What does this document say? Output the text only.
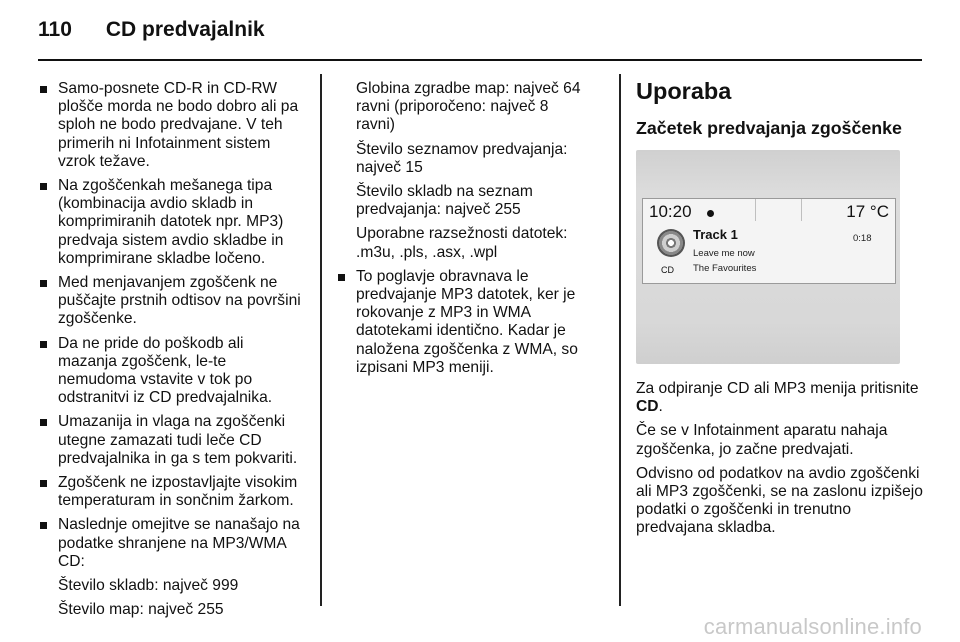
110 CD predvajalnik
Samo-posnete CD-R in CD-RW plošče morda ne bodo dobro ali pa sploh ne bodo predvajane. V teh primerih ni Infotainment sistem vzrok težave.
Na zgoščenkah mešanega tipa (kombinacija avdio skladb in komprimiranih datotek npr. MP3) predvaja sistem avdio skladbe in komprimirane skladbe ločeno.
Med menjavanjem zgoščenk ne puščajte prstnih odtisov na površini zgoščenke.
Da ne pride do poškodb ali mazanja zgoščenk, le-te nemudoma vstavite v tok po odstranitvi iz CD predvajalnika.
Umazanija in vlaga na zgoščenki utegne zamazati tudi leče CD predvajalnika in ga s tem pokvariti.
Zgoščenk ne izpostavljajte visokim temperaturam in sončnim žarkom.
Naslednje omejitve se nanašajo na podatke shranjene na MP3/WMA CD:
Število skladb: največ 999
Število map: največ 255
Globina zgradbe map: največ 64 ravni (priporočeno: največ 8 ravni)
Število seznamov predvajanja: največ 15
Število skladb na seznam predvajanja: največ 255
Uporabne razsežnosti datotek: .m3u, .pls, .asx, .wpl
To poglavje obravnava le predvajanje MP3 datotek, ker je rokovanje z MP3 in WMA datotekami identično. Kadar je naložena zgoščenka z WMA, so izpisani MP3 meniji.
Uporaba
Začetek predvajanja zgoščenke
10:20	17 °C
CD
Track 1
Leave me now
The Favourites
0:18
Za odpiranje CD ali MP3 menija pritisnite CD.
Če se v Infotainment aparatu nahaja zgoščenka, jo začne predvajati.
Odvisno od podatkov na avdio zgoščenki ali MP3 zgoščenki, se na zaslonu izpišejo podatki o zgoščenki in trenutno predvajana skladba.
carmanualsonline.info
